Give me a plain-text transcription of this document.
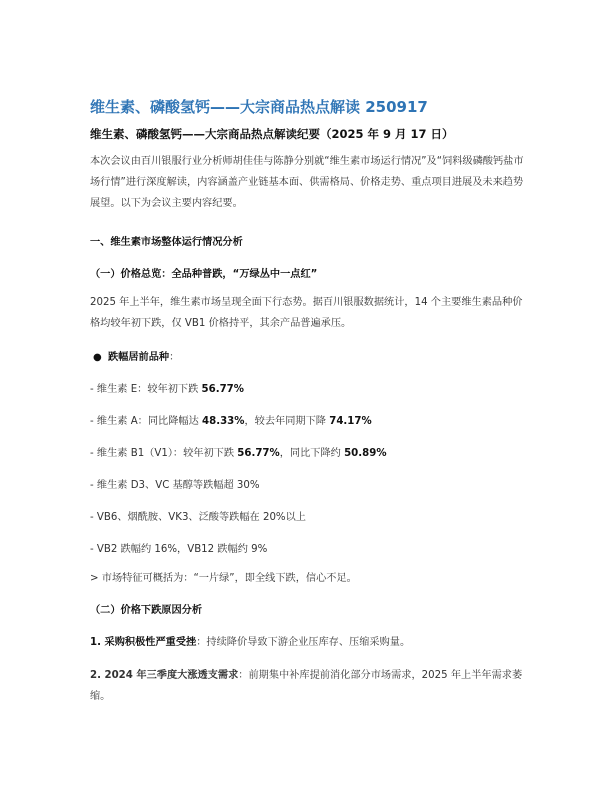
维生素、磷酸氢钙——大宗商品热点解读 250917
维生素、磷酸氢钙——大宗商品热点解读纪要（2025 年 9 月 17 日）
本次会议由百川银服行业分析师胡佳佳与陈静分别就“维生素市场运行情况”及“饲料级磷酸钙盐市场行情”进行深度解读，内容涵盖产业链基本面、供需格局、价格走势、重点项目进展及未来趋势展望。以下为会议主要内容纪要。
一、维生素市场整体运行情况分析
（一）价格总览：全品种普跌，“万绿丛中一点红”
2025 年上半年，维生素市场呈现全面下行态势。据百川银服数据统计，14 个主要维生素品种价格均较年初下跌，仅 VB1 价格持平，其余产品普遍承压。
● 跌幅居前品种：
- 维生素 E：较年初下跌 56.77%
- 维生素 A：同比降幅达 48.33%，较去年同期下降 74.17%
- 维生素 B1（V1）：较年初下跌 56.77%，同比下降约 50.89%
- 维生素 D3、VC 基醇等跌幅超 30%
- VB6、烟酰胺、VK3、泛酸等跌幅在 20%以上
- VB2 跌幅约 16%，VB12 跌幅约 9%
> 市场特征可概括为：“一片绿”，即全线下跌，信心不足。
（二）价格下跌原因分析
1. 采购积极性严重受挫：持续降价导致下游企业压库存、压缩采购量。
2. 2024 年三季度大涨透支需求：前期集中补库提前消化部分市场需求，2025 年上半年需求萎缩。
